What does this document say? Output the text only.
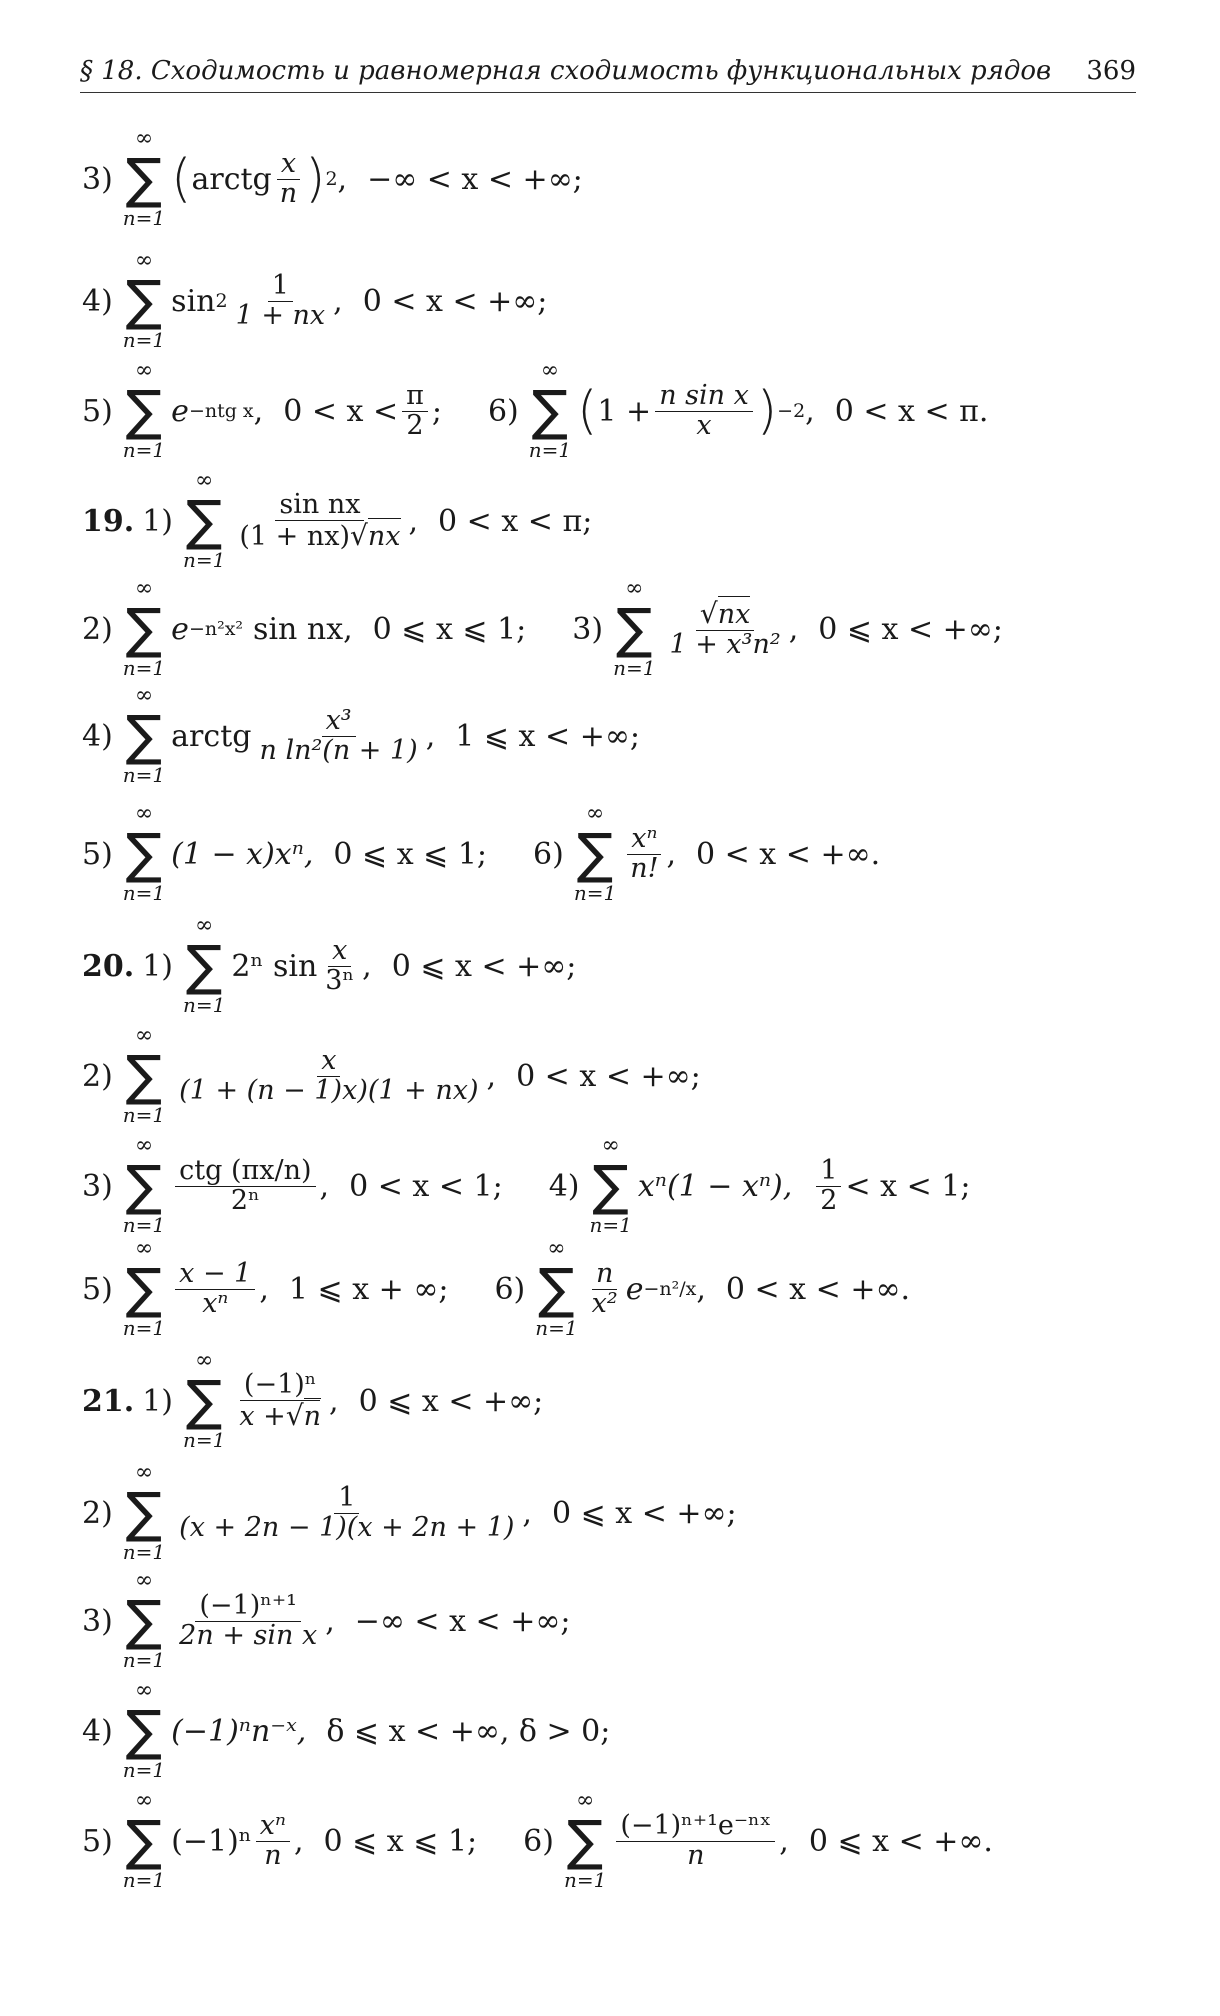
§ 18. Сходимость и равномерная сходимость функциональных рядов 369
3)
∞
∑
n=1
( arctg $\frac{x}{n}$ ) 2 , −∞ < x < +∞;
4)
∞
∑
n=1
$\sin 2 \frac{1}{1 + nx}$ , 0 < x < +∞;
5)
∞
∑
n=1
e −ntg x , $0 < x < \frac{\pi}{2}$ ; 6)
∞
∑
n=1
( $1 + \frac{\text{n sin x}}{x}$ ) −2 , 0 < x < π.
19. 1)
∞
∑
n=1
$\frac{\text{sin nx}}{(1 + nx)√nx}$ , 0 < x < π;
2)
∞
∑
n=1
e −n²x² sin nx, 0 ⩽ x ⩽ 1; 3)
∞
∑
n=1
$\frac{√nx}{\text{1 + x³n²}}$ , 0 ⩽ x < +∞;
4)
∞
∑
n=1
arctg $\frac{\text{x³}}{\text{n ln²(n + 1)}}$ , 1 ⩽ x < +∞;
5)
∞
∑
n=1
(1 − x)xⁿ, 0 ⩽ x ⩽ 1; 6)
∞
∑
n=1
$\frac{\text{xⁿ}}{n!}$ , 0 < x < +∞.
20. 1)
∞
∑
n=1
2ⁿ $\sin \frac{x}{\text{3ⁿ}}$ , 0 ⩽ x < +∞;
2)
∞
∑
n=1
$\frac{x}{(1 + (n - 1)x)(1 + nx)}$ , 0 < x < +∞;
3)
∞
∑
n=1
$\frac{\text{ctg (πx/n)}}{\text{2ⁿ}}$ , 0 < x < 1; 4)
∞
∑
n=1
xⁿ(1 − xⁿ), $\frac{1}{2} < x < 1$;
5)
∞
∑
n=1
$\frac{x - 1}{\text{xⁿ}}$ , 1 ⩽ x + ∞; 6)
∞
∑
n=1
$\frac{n}{\text{x²}}$ e −n²/x , 0 < x < +∞.
21. 1)
∞
∑
n=1
$\frac{\text{(−1)ⁿ}}{x +√n}$ , 0 ⩽ x < +∞;
2)
∞
∑
n=1
$\frac{1}{(x + 2n - 1)(x + 2n + 1)}$ , 0 ⩽ x < +∞;
3)
∞
∑
n=1
$\frac{\text{(−1)ⁿ⁺¹}}{\text{2n + sin x}}$ , −∞ < x < +∞;
4)
∞
∑
n=1
(−1)ⁿn⁻ˣ, δ ⩽ x < +∞, δ > 0;
5)
∞
∑
n=1
$(-1)^n \frac{\text{xⁿ}}{n}$ , 0 ⩽ x ⩽ 1; 6)
∞
∑
n=1
$\frac{\text{(−1)ⁿ⁺¹e⁻ⁿˣ}}{n}$ , 0 ⩽ x < +∞.
